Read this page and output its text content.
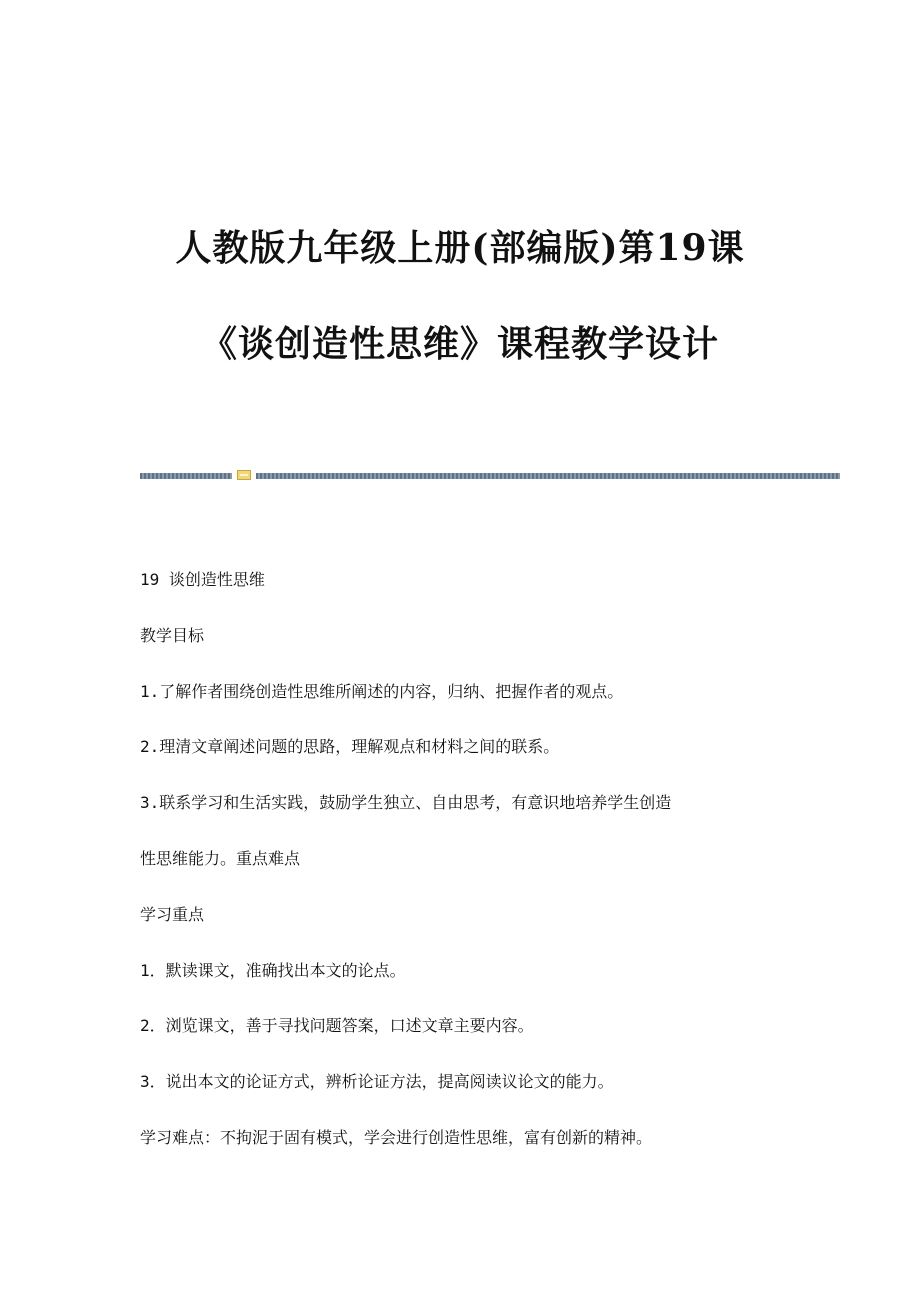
人教版九年级上册(部编版)第19课
《谈创造性思维》课程教学设计
19 谈创造性思维
教学目标
1.了解作者围绕创造性思维所阐述的内容，归纳、把握作者的观点。
2.理清文章阐述问题的思路，理解观点和材料之间的联系。
3.联系学习和生活实践，鼓励学生独立、自由思考，有意识地培养学生创造
性思维能力。重点难点
学习重点
1．默读课文，准确找出本文的论点。
2．浏览课文，善于寻找问题答案，口述文章主要内容。
3．说出本文的论证方式，辨析论证方法，提高阅读议论文的能力。
学习难点：不拘泥于固有模式，学会进行创造性思维，富有创新的精神。
